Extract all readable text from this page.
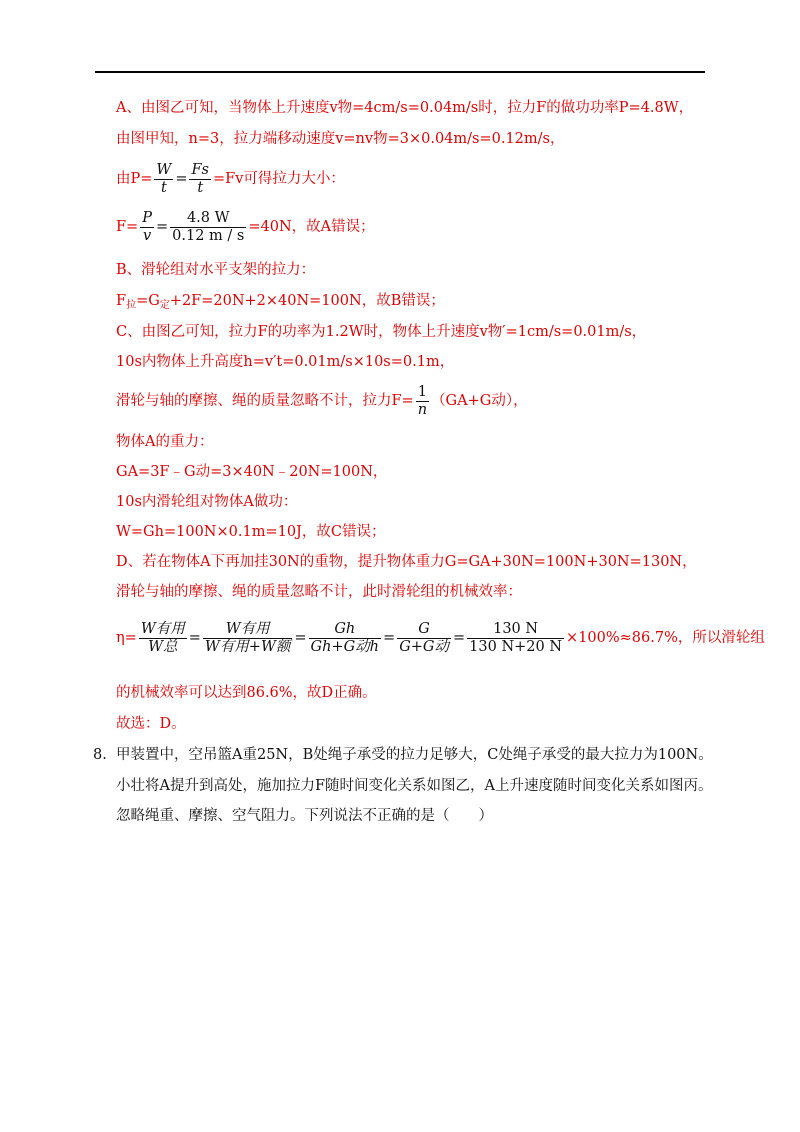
A、由图乙可知，当物体上升速度v物=4cm/s=0.04m/s时，拉力F的做功功率P=4.8W，
由图甲知，n=3，拉力端移动速度v=nv物=3×0.04m/s=0.12m/s，
由$P= \frac{W}{t} = \frac{Fs}{t} =Fv$可得拉力大小：
$F= \frac{P}{v} = \frac{4.8 W}{0.12 m / s} =40N$，故A错误；
B、滑轮组对水平支架的拉力：
$F_拉=G_定+2F=20N+2\times 40N=100N$，故B错误；
C、由图乙可知，拉力F的功率为1.2W时，物体上升速度v物′=1cm/s=0.01m/s，
10s内物体上升高度h=v′t=0.01m/s×10s=0.1m，
滑轮与轴的摩擦、绳的质量忽略不计，拉力$F= \frac{1}{n} (GA+G$动），
物体A的重力：
GA=3F﹣G动=3×40N﹣20N=100N，
10s内滑轮组对物体A做功：
W=Gh=100N×0.1m=10J，故C错误；
D、若在物体A下再加挂30N的重物，提升物体重力G=GA+30N=100N+30N=130N，
滑轮与轴的摩擦、绳的质量忽略不计，此时滑轮组的机械效率：
$\eta= \frac{\text{W有用}}{\text{W总}} = \frac{\text{W有用}}{\text{W有用+W额}} = \frac{Gh}{\text{Gh+G动h}} = \frac{G}{\text{G+G动}} = \frac{130 N}{130 N+20 N} \times 100\%\approx 86.7\%$，所以滑轮组
的机械效率可以达到86.6%，故D正确。
故选：D。
8. 甲装置中，空吊篮A重25N，B处绳子承受的拉力足够大，C处绳子承受的最大拉力为100N。
小壮将A提升到高处，施加拉力F随时间变化关系如图乙，A上升速度随时间变化关系如图丙。
忽略绳重、摩擦、空气阻力。下列说法不正确的是（　　）
